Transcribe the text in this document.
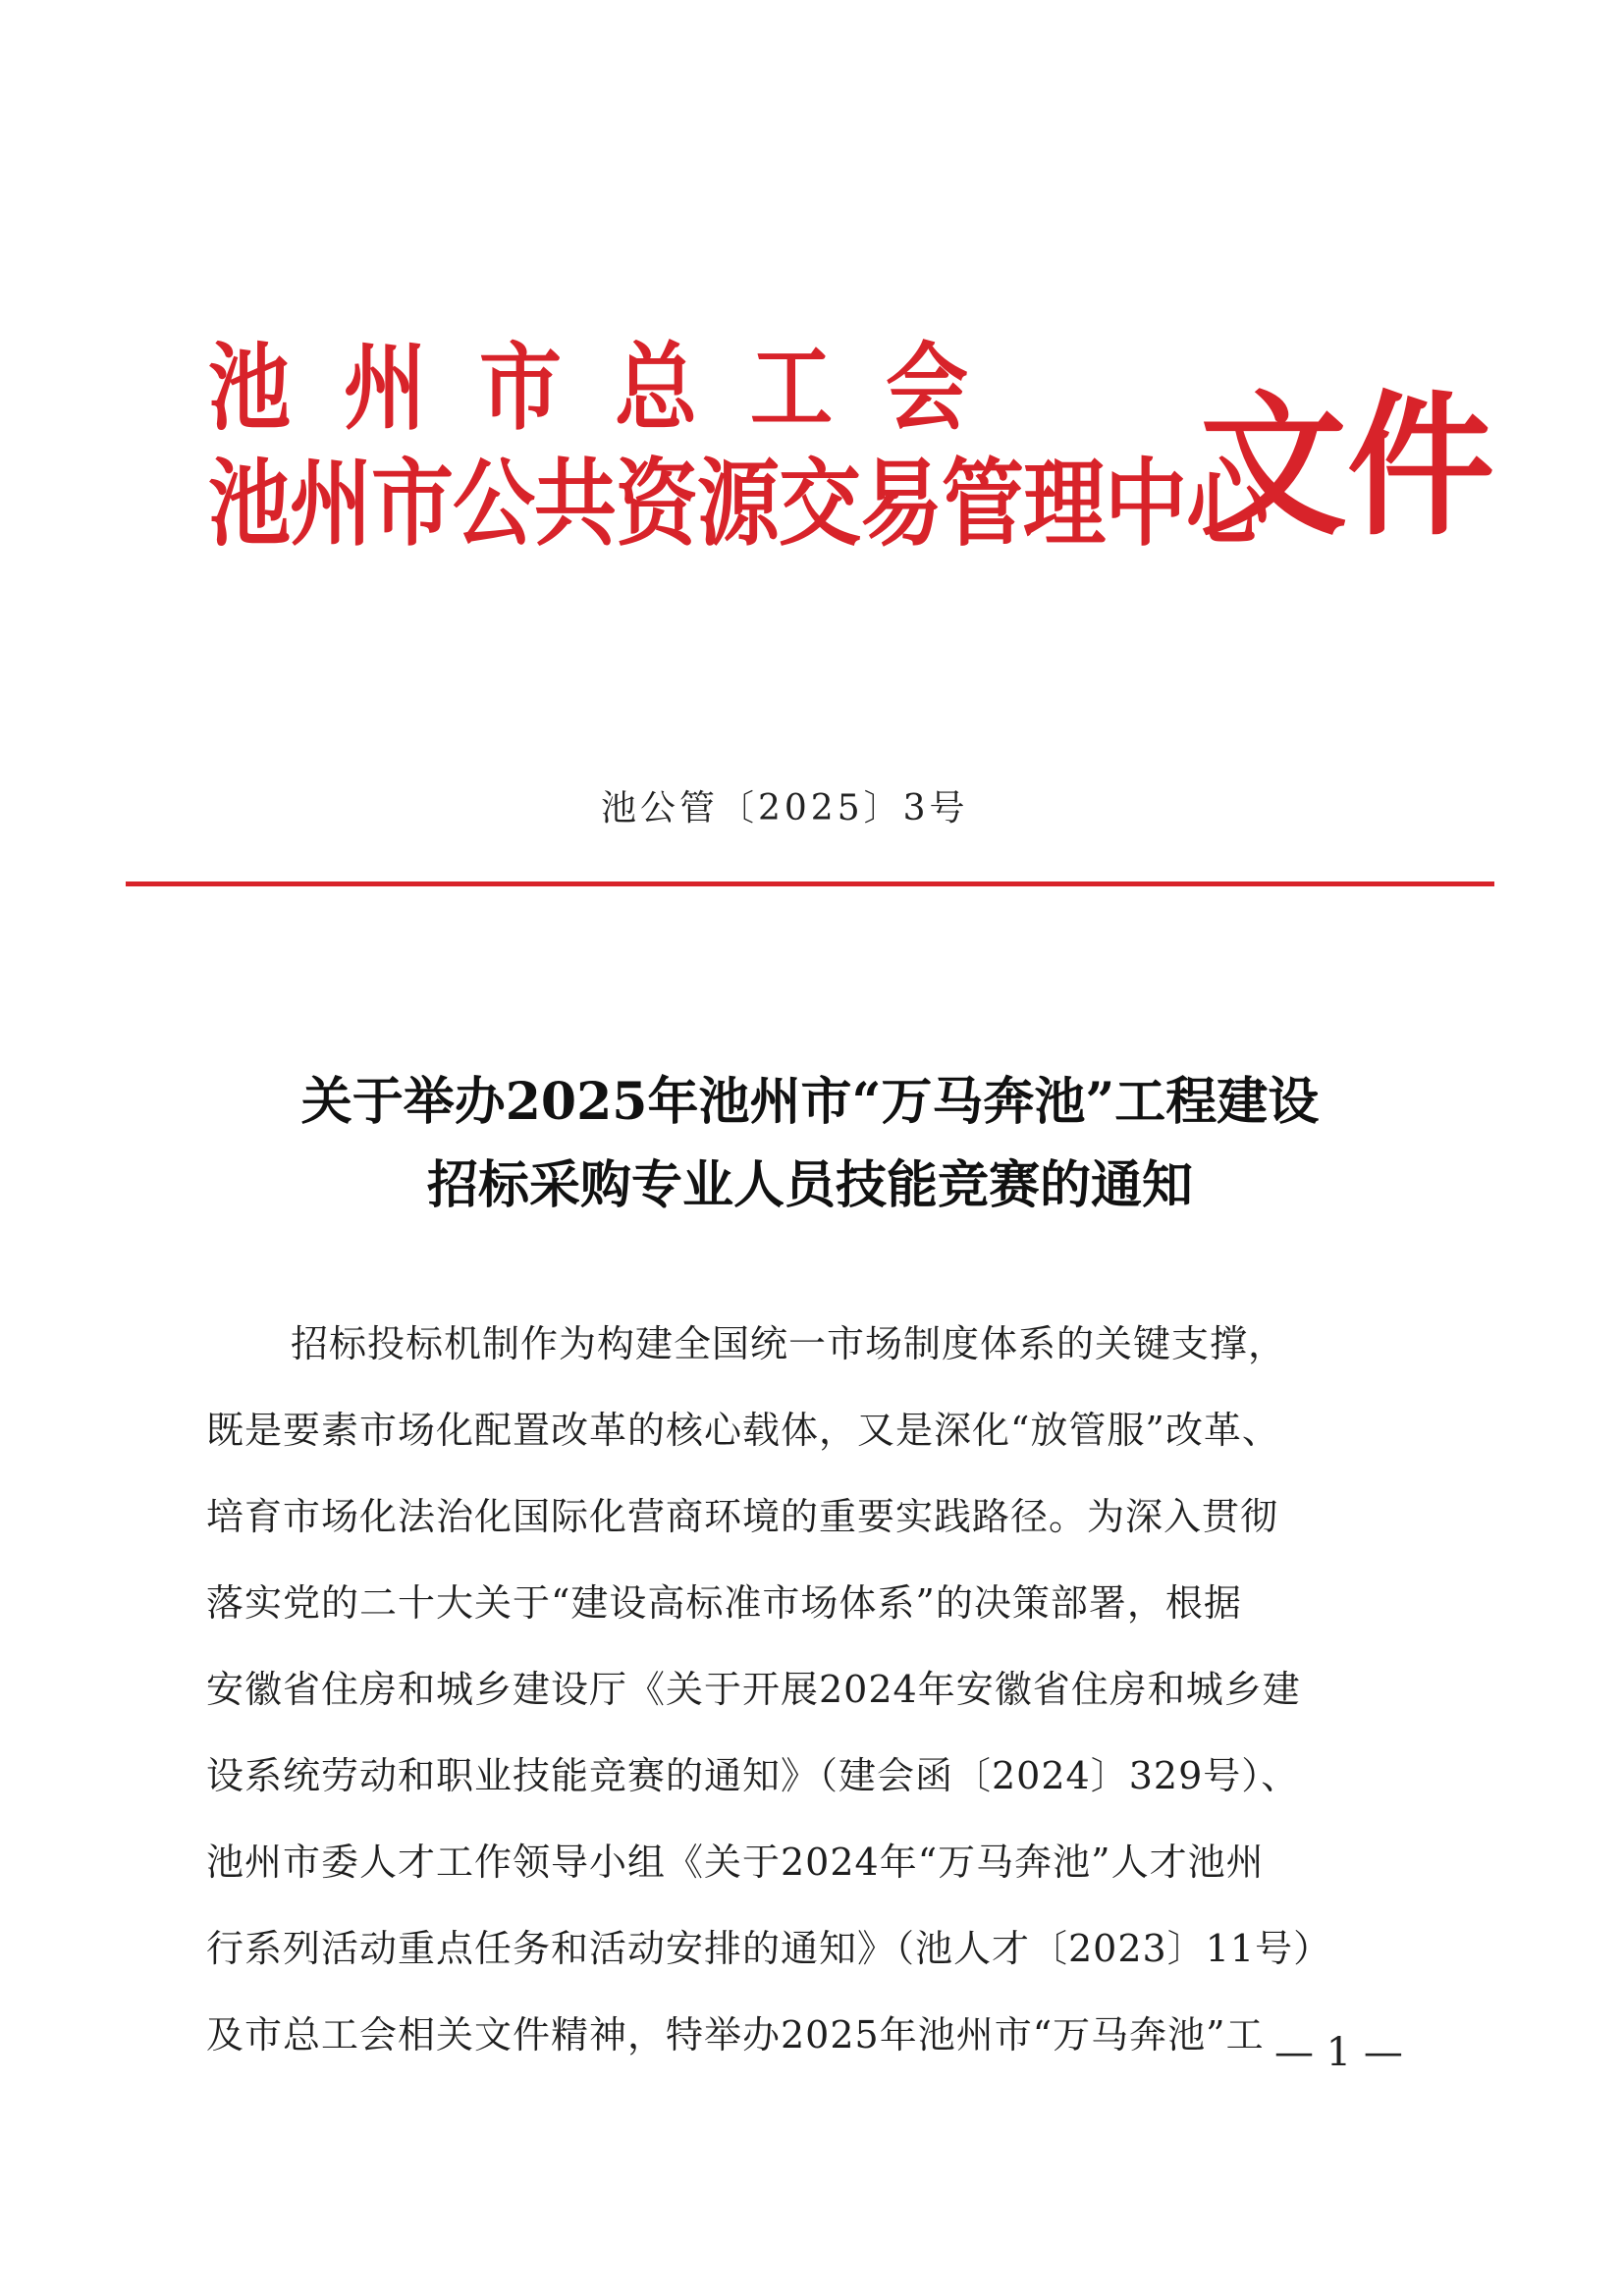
池州市总工会
池州市公共资源交易管理中心
文件
池公管〔2025〕3号
关于举办2025年池州市“万马奔池”工程建设
招标采购专业人员技能竞赛的通知
招标投标机制作为构建全国统一市场制度体系的关键支撑，
既是要素市场化配置改革的核心载体，又是深化“放管服”改革、
培育市场化法治化国际化营商环境的重要实践路径。为深入贯彻
落实党的二十大关于“建设高标准市场体系”的决策部署，根据
安徽省住房和城乡建设厅《关于开展2024年安徽省住房和城乡建
设系统劳动和职业技能竞赛的通知》（建会函〔2024〕329号）、
池州市委人才工作领导小组《关于2024年“万马奔池”人才池州
行系列活动重点任务和活动安排的通知》（池人才〔2023〕11号）
及市总工会相关文件精神，特举办2025年池州市“万马奔池”工 — 1 —
